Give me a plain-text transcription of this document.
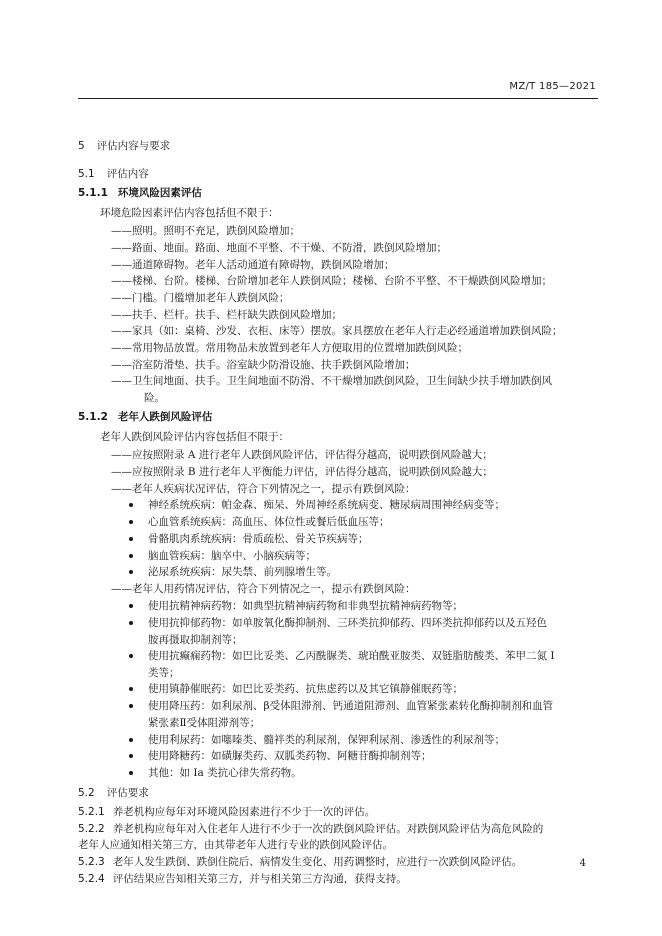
MZ/T 185—2021
5 评估内容与要求
5.1 评估内容
5.1.1 环境风险因素评估
环境危险因素评估内容包括但不限于：
——照明。照明不充足，跌倒风险增加；
——路面、地面。路面、地面不平整、不干燥、不防滑，跌倒风险增加；
——通道障碍物。老年人活动通道有障碍物，跌倒风险增加；
——楼梯、台阶。楼梯、台阶增加老年人跌倒风险；楼梯、台阶不平整、不干燥跌倒风险增加；
——门槛。门槛增加老年人跌倒风险；
——扶手、栏杆。扶手、栏杆缺失跌倒风险增加；
——家具（如：桌椅、沙发、衣柜、床等）摆放。家具摆放在老年人行走必经通道增加跌倒风险；
——常用物品放置。常用物品未放置到老年人方便取用的位置增加跌倒风险；
——浴室防滑垫、扶手。浴室缺少防滑设施、扶手跌倒风险增加；
——卫生间地面、扶手。卫生间地面不防滑、不干燥增加跌倒风险，卫生间缺少扶手增加跌倒风
险。
5.1.2 老年人跌倒风险评估
老年人跌倒风险评估内容包括但不限于：
——应按照附录 A 进行老年人跌倒风险评估，评估得分越高，说明跌倒风险越大；
——应按照附录 B 进行老年人平衡能力评估，评估得分越高，说明跌倒风险越大；
——老年人疾病状况评估，符合下列情况之一，提示有跌倒风险：
神经系统疾病：帕金森、痴呆、外周神经系统病变、糖尿病周围神经病变等；
心血管系统疾病：高血压、体位性或餐后低血压等；
骨骼肌肉系统疾病：骨质疏松、骨关节疾病等；
脑血管疾病：脑卒中、小脑疾病等；
泌尿系统疾病：尿失禁、前列腺增生等。
——老年人用药情况评估，符合下列情况之一，提示有跌倒风险：
使用抗精神病药物：如典型抗精神病药物和非典型抗精神病药物等；
使用抗抑郁药物：如单胺氧化酶抑制剂、三环类抗抑郁药、四环类抗抑郁药以及五羟色
胺再摄取抑制剂等；
使用抗癫痫药物：如巴比妥类、乙丙酰脲类、琥珀酰亚胺类、双链脂肪酸类、苯甲二氮 Ⅰ
类等；
使用镇静催眠药：如巴比妥类药、抗焦虑药以及其它镇静催眠药等；
使用降压药：如利尿剂、β受体阻滞剂、钙通道阻滞剂、血管紧张素转化酶抑制剂和血管
紧张素Ⅱ受体阻滞剂等；
使用利尿药：如噻嗪类、髓袢类的利尿剂，保钾利尿剂、渗透性的利尿剂等；
使用降糖药：如磺脲类药、双胍类药物、阿糖苷酶抑制剂等；
其他：如 Ia 类抗心律失常药物。
5.2 评估要求
5.2.1 养老机构应每年对环境风险因素进行不少于一次的评估。
5.2.2 养老机构应每年对入住老年人进行不少于一次的跌倒风险评估。对跌倒风险评估为高危风险的
老年人应通知相关第三方，由其带老年人进行专业的跌倒风险评估。
5.2.3 老年人发生跌倒、跌倒住院后、病情发生变化、用药调整时，应进行一次跌倒风险评估。
5.2.4 评估结果应告知相关第三方，并与相关第三方沟通，获得支持。
4
